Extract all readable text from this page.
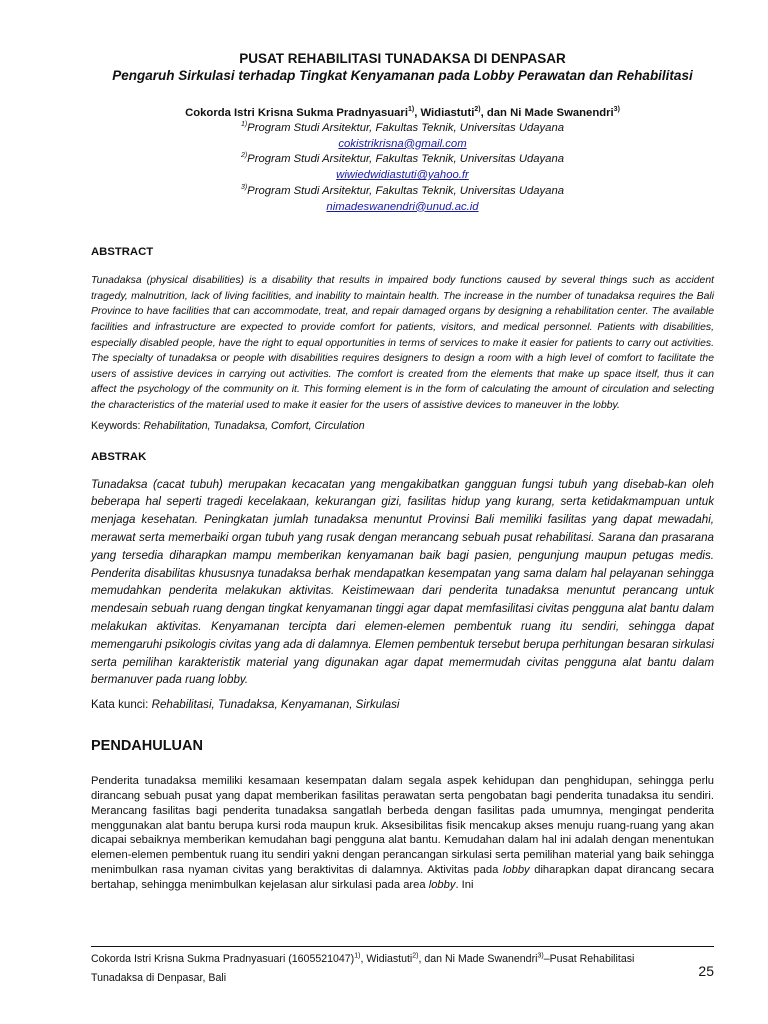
PUSAT REHABILITASI TUNADAKSA DI DENPASAR

Pengaruh Sirkulasi terhadap Tingkat Kenyamanan pada Lobby Perawatan dan Rehabilitasi

Cokorda Istri Krisna Sukma Pradnyasuari$^{1)}$, Widiastuti$^{2)}$, dan Ni Made Swanendri$^{3)}$
$^{1)}$Program Studi Arsitektur, Fakultas Teknik, Universitas Udayana
cokistrikrisna@gmail.com
$^{2)}$Program Studi Arsitektur, Fakultas Teknik, Universitas Udayana
wiwiedwidiastuti@yahoo.fr
$^{3)}$Program Studi Arsitektur, Fakultas Teknik, Universitas Udayana
nimadeswanendri@unud.ac.id
ABSTRACT
Tunadaksa (physical disabilities) is a disability that results in impaired body functions caused by several things such as accident tragedy, malnutrition, lack of living facilities, and inability to maintain health. The increase in the number of tunadaksa requires the Bali Province to have facilities that can accommodate, treat, and repair damaged organs by designing a rehabilitation center. The available facilities and infrastructure are expected to provide comfort for patients, visitors, and medical personnel. Patients with disabilities, especially disabled people, have the right to equal opportunities in terms of services to make it easier for patients to carry out activities. The specialty of tunadaksa or people with disabilities requires designers to design a room with a high level of comfort to facilitate the users of assistive devices in carrying out activities. The comfort is created from the elements that make up space itself, thus it can affect the psychology of the community on it. This forming element is in the form of calculating the amount of circulation and selecting the characteristics of the material used to make it easier for the users of assistive devices to maneuver in the lobby.
Keywords: Rehabilitation, Tunadaksa, Comfort, Circulation
ABSTRAK
Tunadaksa (cacat tubuh) merupakan kecacatan yang mengakibatkan gangguan fungsi tubuh yang disebab-kan oleh beberapa hal seperti tragedi kecelakaan, kekurangan gizi, fasilitas hidup yang kurang, serta ketidakmampuan untuk menjaga kesehatan. Peningkatan jumlah tunadaksa menuntut Provinsi Bali memiliki fasilitas yang dapat mewadahi, merawat serta memerbaiki organ tubuh yang rusak dengan merancang sebuah pusat rehabilitasi. Sarana dan prasarana yang tersedia diharapkan mampu memberikan kenyamanan baik bagi pasien, pengunjung maupun petugas medis. Penderita disabilitas khususnya tunadaksa berhak mendapatkan kesempatan yang sama dalam hal pelayanan sehingga memudahkan penderita melakukan aktivitas. Keistimewaan dari penderita tunadaksa menuntut perancang untuk mendesain sebuah ruang dengan tingkat kenyamanan tinggi agar dapat memfasilitasi civitas pengguna alat bantu dalam melakukan aktivitas. Kenyamanan tercipta dari elemen-elemen pembentuk ruang itu sendiri, sehingga dapat memengaruhi psikologis civitas yang ada di dalamnya. Elemen pembentuk tersebut berupa perhitungan besaran sirkulasi serta pemilihan karakteristik material yang digunakan agar dapat memermudah civitas pengguna alat bantu dalam bermanuver pada ruang lobby.
Kata kunci: Rehabilitasi, Tunadaksa, Kenyamanan, Sirkulasi
PENDAHULUAN
Penderita tunadaksa memiliki kesamaan kesempatan dalam segala aspek kehidupan dan penghidupan, sehingga perlu dirancang sebuah pusat yang dapat memberikan fasilitas perawatan serta pengobatan bagi penderita tunadaksa itu sendiri. Merancang fasilitas bagi penderita tunadaksa sangatlah berbeda dengan fasilitas pada umumnya, mengingat penderita menggunakan alat bantu berupa kursi roda maupun kruk. Aksesibilitas fisik mencakup akses menuju ruang-ruang yang akan dicapai sebaiknya memberikan kemudahan bagi pengguna alat bantu. Kemudahan dalam hal ini adalah dengan menentukan elemen-elemen pembentuk ruang itu sendiri yakni dengan perancangan sirkulasi serta pemilihan material yang baik sehingga menimbulkan rasa nyaman civitas yang beraktivitas di dalamnya. Aktivitas pada lobby diharapkan dapat dirancang secara bertahap, sehingga menimbulkan kejelasan alur sirkulasi pada area lobby. Ini
Cokorda Istri Krisna Sukma Pradnyasuari $(1605521047)^{1)}$, Widiastuti$^{2)}$, dan Ni Made Swanendri$^{3)}$–Pusat Rehabilitasi
Tunadaksa di Denpasar, Bali	25
